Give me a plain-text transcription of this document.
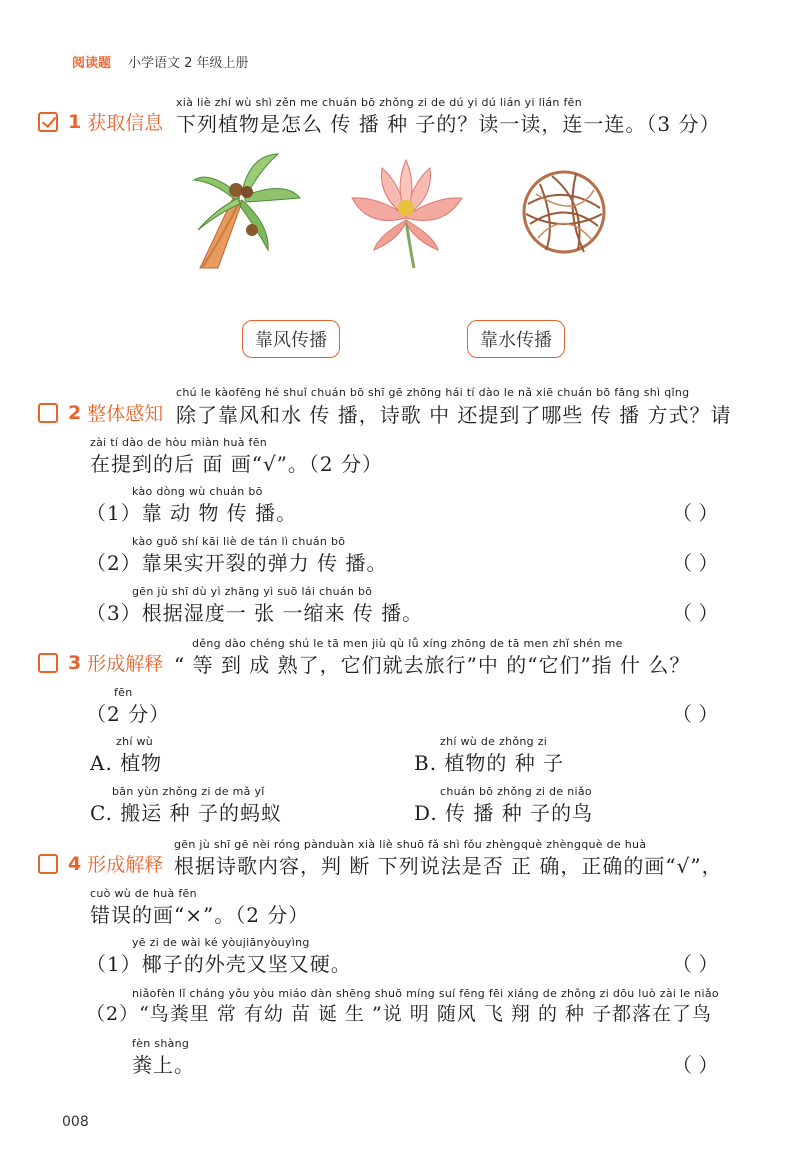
阅读题 小学语文 2 年级上册
xià liè zhí wù shì zěn me chuán bō zhǒng zi de dú yi dú lián yi lián fēn
1 获取信息 下列植物是怎么 传 播 种 子的？读一读，连一连。（3 分）
靠风传播	靠水传播
chú le kàofēng hé shuǐ chuán bō shī gē zhōng hái tí dào le nǎ xiē chuán bō fāng shì qǐng
2 整体感知 除了靠风和水 传 播，诗歌 中 还提到了哪些 传 播 方式？请
zài tí dào de hòu miàn huà fēn
在提到的后 面 画“√”。（2 分）
kào dòng wù chuán bō
（1）靠 动 物 传 播。	（ ）
kào guǒ shí kāi liè de tán lì chuán bō
（2）靠果实开裂的弹力 传 播。	（ ）
gēn jù shī dù yì zhāng yì suō lái chuán bō
（3）根据湿度一 张 一缩来 传 播。	（ ）
děng dào chéng shú le tā men jiù qù lǚ xíng zhōng de tā men zhǐ shén me
3 形成解释 “ 等 到 成 熟了，它们就去旅行”中 的“它们”指 什 么？
fēn
（2 分）	（ ）
zhí wù
A. 植物
zhí wù de zhǒng zi
B. 植物的 种 子
bān yùn zhǒng zi de mǎ yǐ
C. 搬运 种 子的蚂蚁
chuán bō zhǒng zi de niǎo
D. 传 播 种 子的鸟
gēn jù shī gē nèi róng pànduàn xià liè shuō fǎ shì fǒu zhèngquè zhèngquè de huà
4 形成解释 根据诗歌内容，判 断 下列说法是否 正 确，正确的画“√”，
cuò wù de huà fēn
错误的画“×”。（2 分）
yē zi de wài ké yòujiānyòuyìng
（1）椰子的外壳又坚又硬。	（ ）
niǎofèn lǐ cháng yǒu yòu miáo dàn shēng shuō míng suí fēng fēi xiáng de zhǒng zi dōu luò zài le niǎo
（2）“鸟粪里 常 有幼 苗 诞 生 ”说 明 随风 飞 翔 的 种 子都落在了鸟
fèn shàng
粪上。	（ ）
008
